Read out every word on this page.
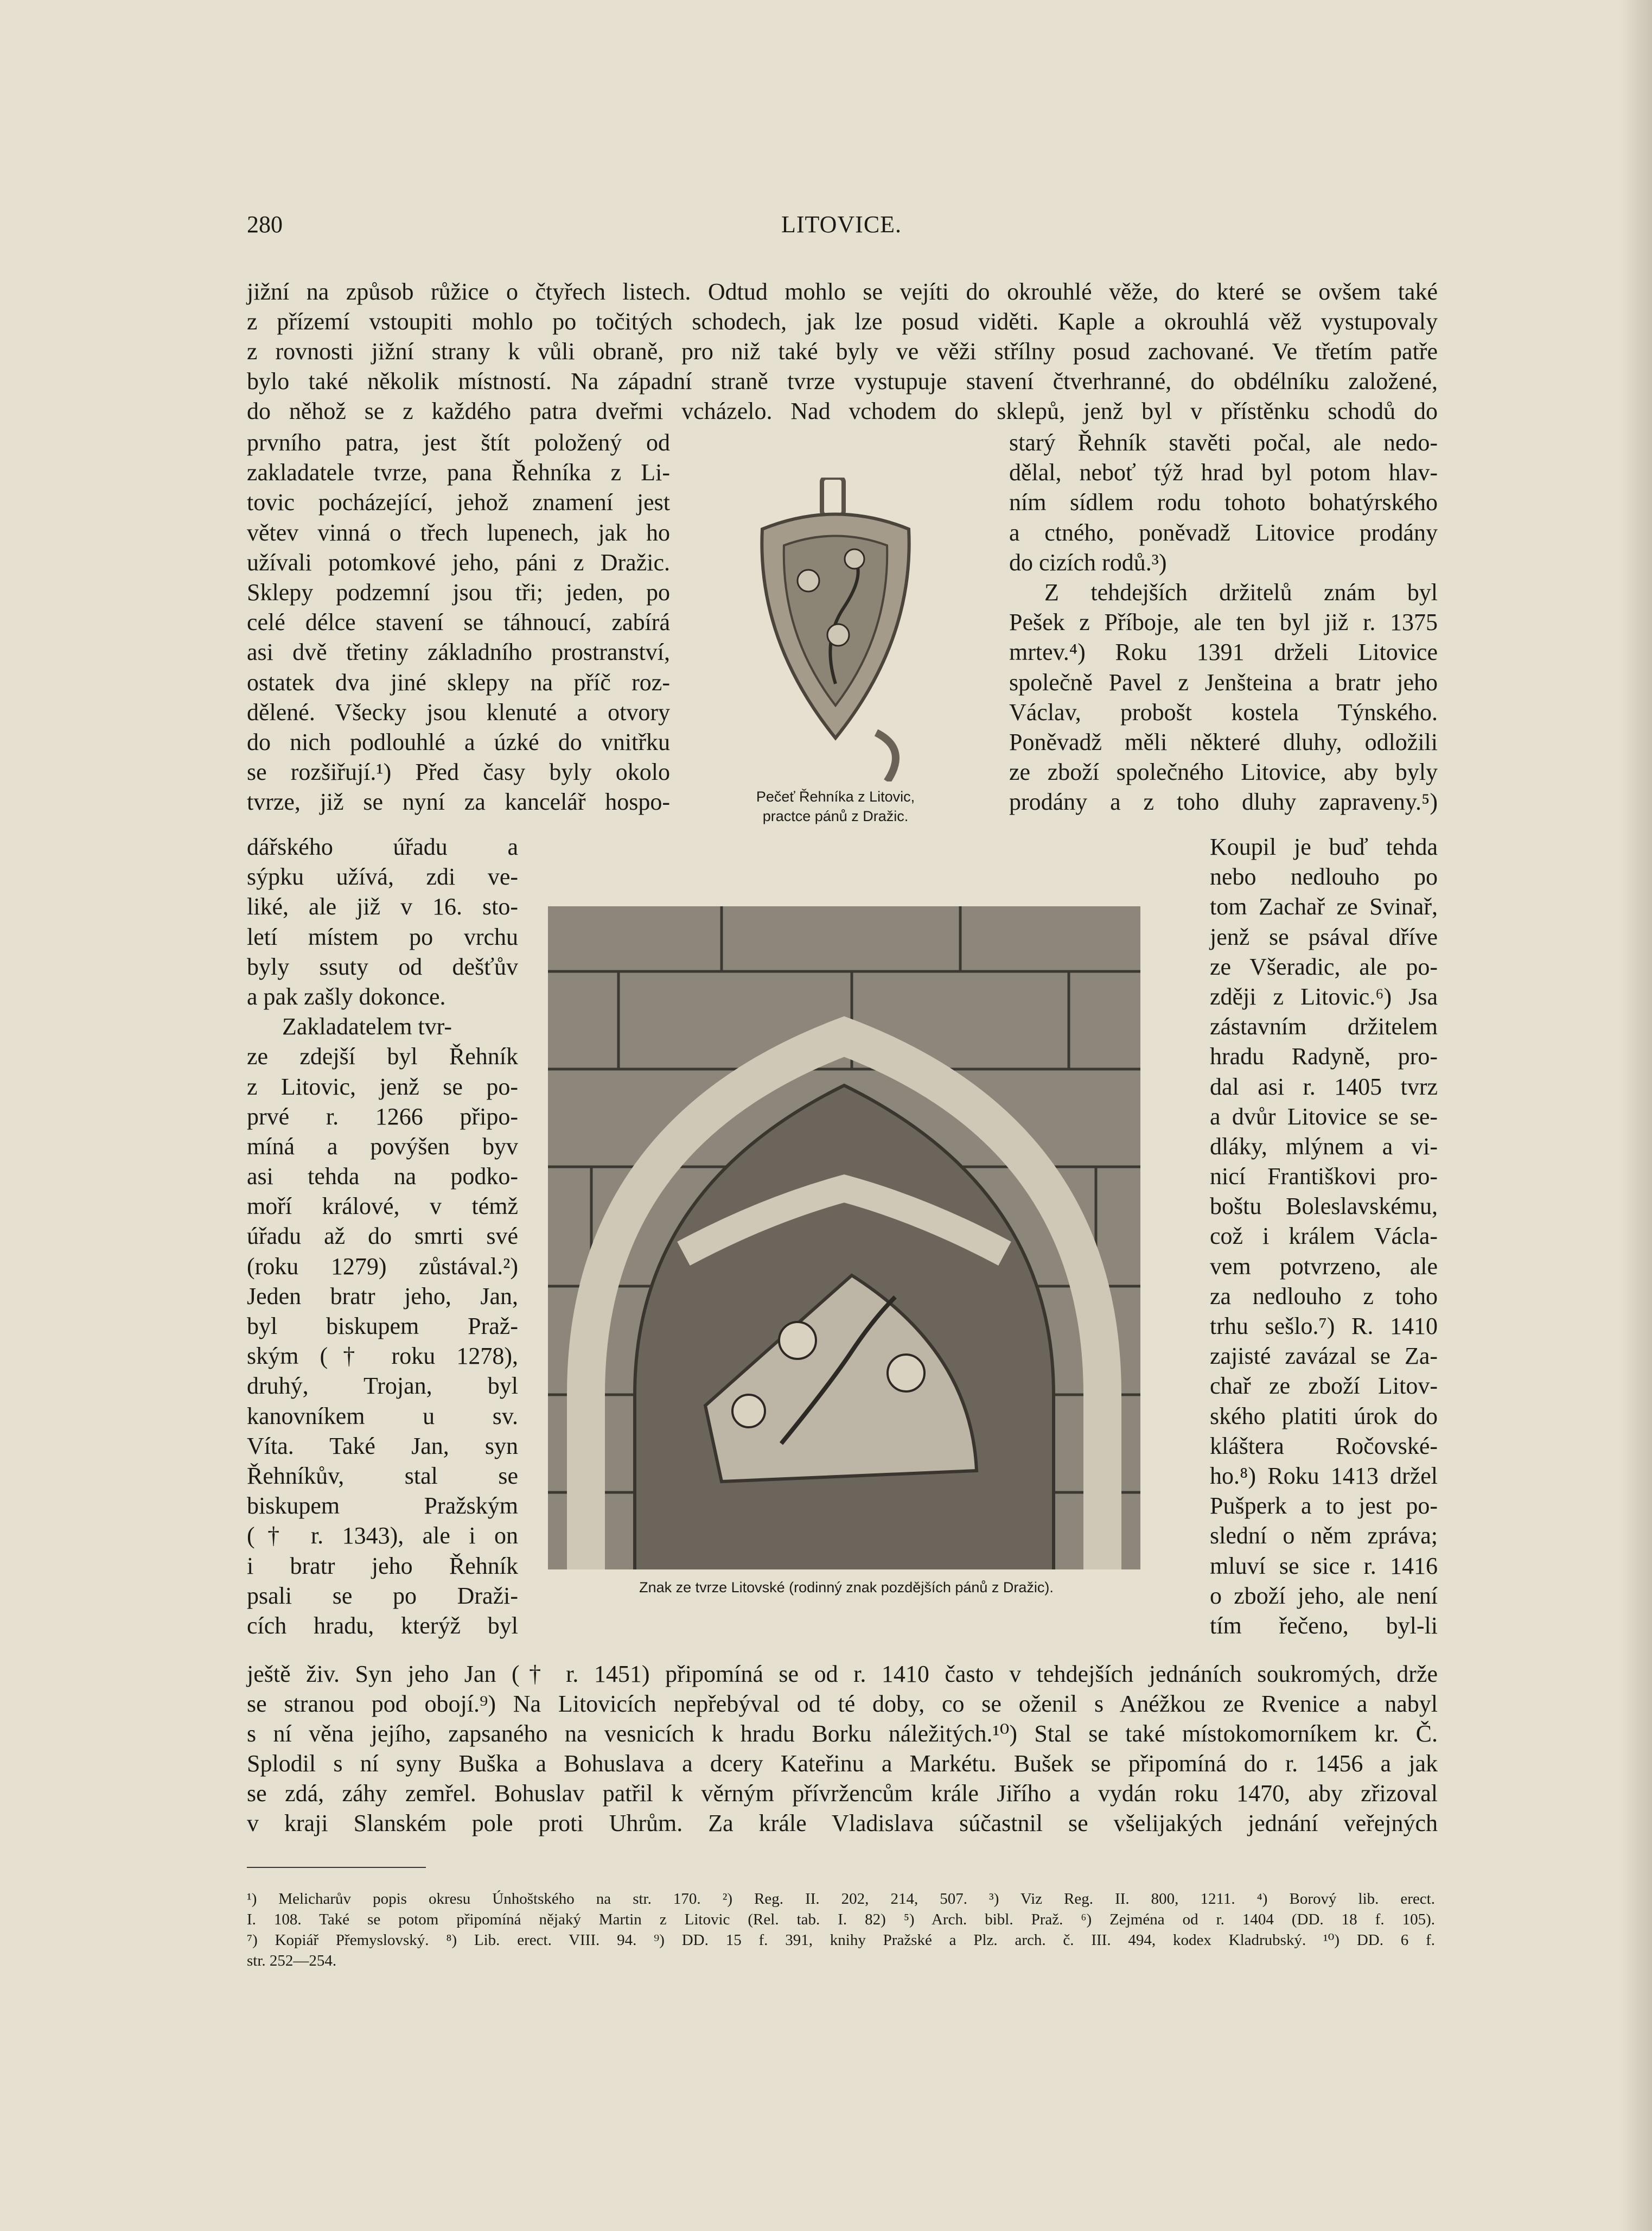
280	LITOVICE.
jižní na způsob růžice o čtyřech listech. Odtud mohlo se vejíti do okrouhlé věže, do které se ovšem také
z přízemí vstoupiti mohlo po točitých schodech, jak lze posud viděti. Kaple a okrouhlá věž vystupovaly
z rovnosti jižní strany k vůli obraně, pro niž také byly ve věži střílny posud zachované. Ve třetím patře
bylo také několik místností. Na západní straně tvrze vystupuje stavení čtverhranné, do obdélníku založené,
do něhož se z každého patra dveřmi vcházelo. Nad vchodem do sklepů, jenž byl v přístěnku schodů do
prvního patra, jest štít položený od
zakladatele tvrze, pana Řehníka z Li-
tovic pocházející, jehož znamení jest
větev vinná o třech lupenech, jak ho
užívali potomkové jeho, páni z Dražic.
Sklepy podzemní jsou tři; jeden, po
celé délce stavení se táhnoucí, zabírá
asi dvě třetiny základního prostranství,
ostatek dva jiné sklepy na příč roz-
dělené. Všecky jsou klenuté a otvory
do nich podlouhlé a úzké do vnitřku
se rozšiřují.¹) Před časy byly okolo
tvrze, již se nyní za kancelář hospo-
dářského úřadu a
sýpku užívá, zdi ve-
liké, ale již v 16. sto-
letí místem po vrchu
byly ssuty od dešťův
a pak zašly dokonce.
Zakladatelem tvr-
ze zdejší byl Řehník
z Litovic, jenž se po-
prvé r. 1266 připo-
míná a povýšen byv
asi tehda na podko-
moří králové, v témž
úřadu až do smrti své
(roku 1279) zůstával.²)
Jeden bratr jeho, Jan,
byl biskupem Praž-
ským († roku 1278),
druhý, Trojan, byl
kanovníkem u sv.
Víta. Také Jan, syn
Řehníkův, stal se
biskupem Pražským
(† r. 1343), ale i on
i bratr jeho Řehník
psali se po Draži-
cích hradu, kterýž byl
starý Řehník stavěti počal, ale nedo-
dělal, neboť týž hrad byl potom hlav-
ním sídlem rodu tohoto bohatýrského
a ctného, poněvadž Litovice prodány
do cizích rodů.³)
Z tehdejších držitelů znám byl
Pešek z Příboje, ale ten byl již r. 1375
mrtev.⁴) Roku 1391 drželi Litovice
společně Pavel z Jenšteina a bratr jeho
Václav, probošt kostela Týnského.
Poněvadž měli některé dluhy, odložili
ze zboží společného Litovice, aby byly
prodány a z toho dluhy zapraveny.⁵)
Koupil je buď tehda
nebo nedlouho po
tom Zachař ze Svinař,
jenž se psával dříve
ze Všeradic, ale po-
zději z Litovic.⁶) Jsa
zástavním držitelem
hradu Radyně, pro-
dal asi r. 1405 tvrz
a dvůr Litovice se se-
dláky, mlýnem a vi-
nicí Františkovi pro-
boštu Boleslavskému,
což i králem Václa-
vem potvrzeno, ale
za nedlouho z toho
trhu sešlo.⁷) R. 1410
zajisté zavázal se Za-
chař ze zboží Litov-
ského platiti úrok do
kláštera Ročovské-
ho.⁸) Roku 1413 držel
Pušperk a to jest po-
slední o něm zpráva;
mluví se sice r. 1416
o zboží jeho, ale není
tím řečeno, byl-li
Pečeť Řehníka z Litovic,
practce pánů z Dražic.
Znak ze tvrze Litovské (rodinný znak pozdějších pánů z Dražic).
ještě živ. Syn jeho Jan († r. 1451) připomíná se od r. 1410 často v tehdejších jednáních soukromých, drže
se stranou pod obojí.⁹) Na Litovicích nepřebýval od té doby, co se oženil s Anéžkou ze Rvenice a nabyl
s ní věna jejího, zapsaného na vesnicích k hradu Borku náležitých.¹⁰) Stal se také místokomorníkem kr. Č.
Splodil s ní syny Buška a Bohuslava a dcery Kateřinu a Markétu. Bušek se připomíná do r. 1456 a jak
se zdá, záhy zemřel. Bohuslav patřil k věrným přívržencům krále Jiřího a vydán roku 1470, aby zřizoval
v kraji Slanském pole proti Uhrům. Za krále Vladislava súčastnil se všelijakých jednání veřejných
¹) Melicharův popis okresu Únhoštského na str. 170. ²) Reg. II. 202, 214, 507. ³) Viz Reg. II. 800, 1211. ⁴) Borový lib. erect.
I. 108. Také se potom připomíná nějaký Martin z Litovic (Rel. tab. I. 82) ⁵) Arch. bibl. Praž. ⁶) Zejména od r. 1404 (DD. 18 f. 105).
⁷) Kopiář Přemyslovský. ⁸) Lib. erect. VIII. 94. ⁹) DD. 15 f. 391, knihy Pražské a Plz. arch. č. III. 494, kodex Kladrubský. ¹⁰) DD. 6 f.
str. 252—254.
